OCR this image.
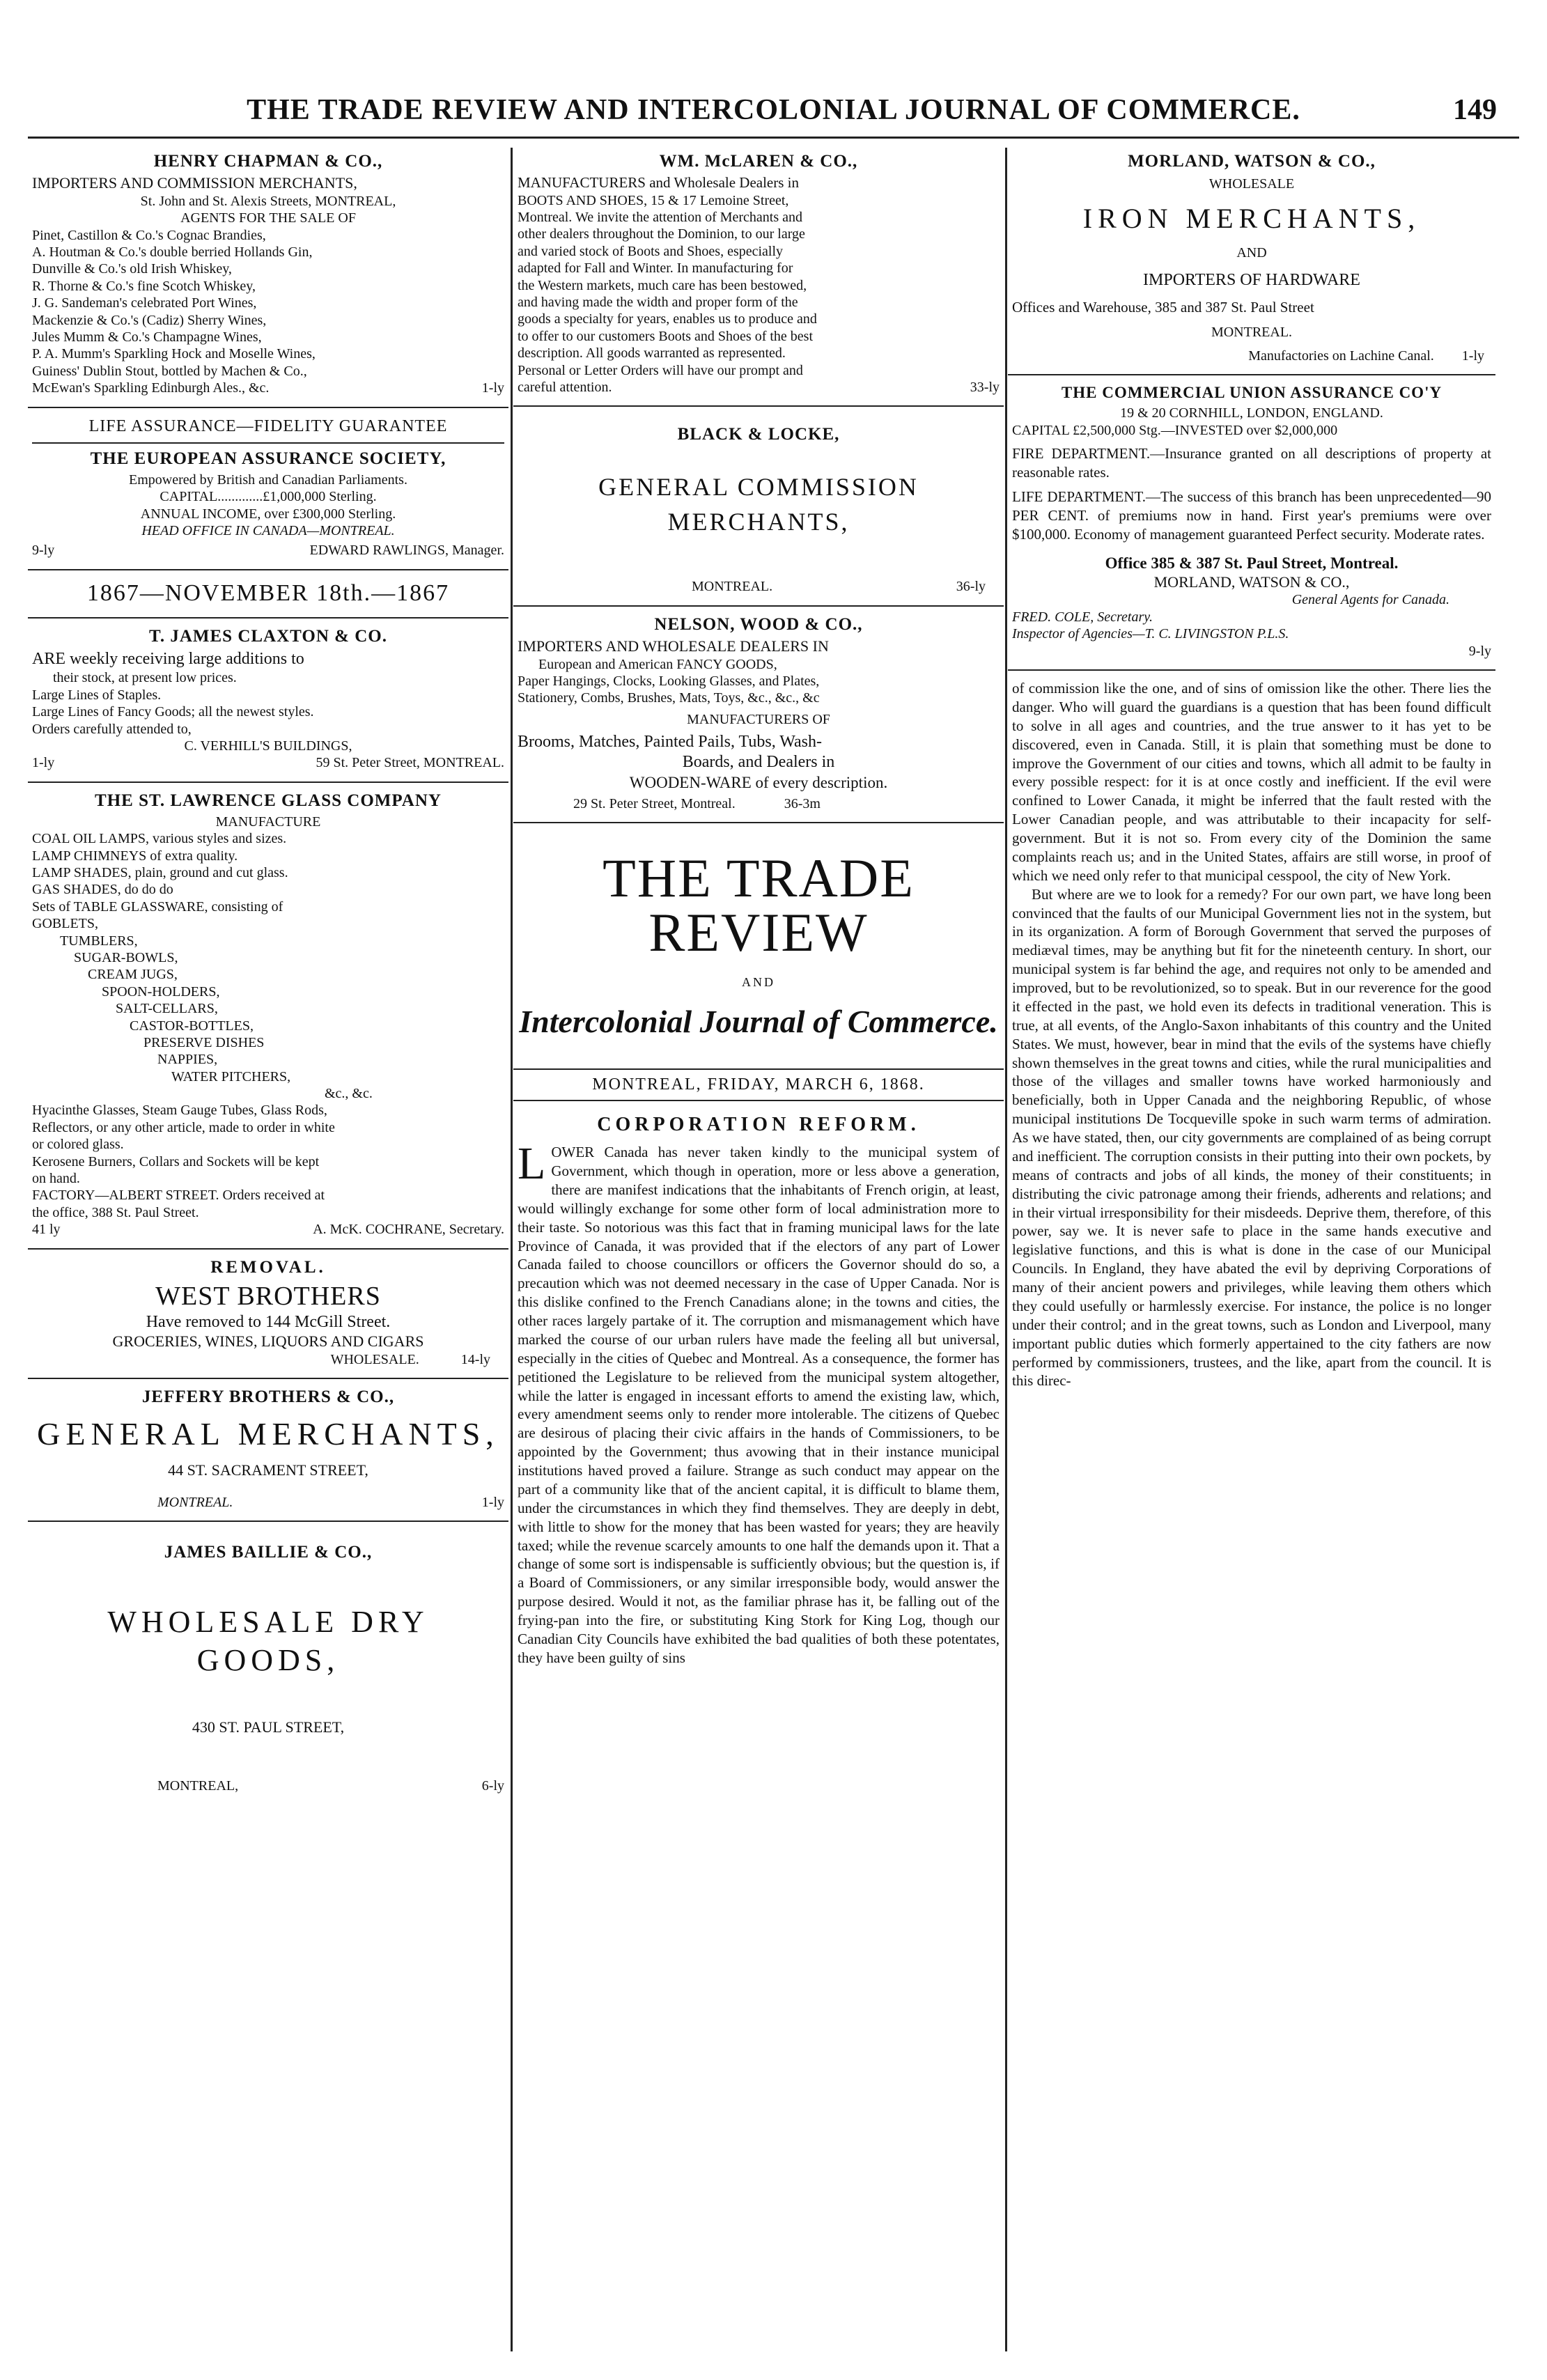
THE TRADE REVIEW AND INTERCOLONIAL JOURNAL OF COMMERCE.	149
HENRY CHAPMAN & CO.,
IMPORTERS AND COMMISSION MERCHANTS,
St. John and St. Alexis Streets, MONTREAL,
AGENTS FOR THE SALE OF
Pinet, Castillon & Co.'s Cognac Brandies,
A. Houtman & Co.'s double berried Hollands Gin,
Dunville & Co.'s old Irish Whiskey,
R. Thorne & Co.'s fine Scotch Whiskey,
J. G. Sandeman's celebrated Port Wines,
Mackenzie & Co.'s (Cadiz) Sherry Wines,
Jules Mumm & Co.'s Champagne Wines,
P. A. Mumm's Sparkling Hock and Moselle Wines,
Guiness' Dublin Stout, bottled by Machen & Co.,
McEwan's Sparkling Edinburgh Ales., &c.	1-ly
LIFE ASSURANCE—FIDELITY GUARANTEE
THE EUROPEAN ASSURANCE SOCIETY,
Empowered by British and Canadian Parliaments.
CAPITAL.............£1,000,000 Sterling.
ANNUAL INCOME, over £300,000 Sterling.
HEAD OFFICE IN CANADA—MONTREAL.
9-ly	EDWARD RAWLINGS, Manager.
1867—NOVEMBER 18th.—1867
T. JAMES CLAXTON & CO.
ARE weekly receiving large additions to
their stock, at present low prices.
Large Lines of Staples.
Large Lines of Fancy Goods; all the newest styles.
Orders carefully attended to,
C. VERHILL'S BUILDINGS,
1-ly	59 St. Peter Street, MONTREAL.
THE ST. LAWRENCE GLASS COMPANY
MANUFACTURE
COAL OIL LAMPS, various styles and sizes.
LAMP CHIMNEYS of extra quality.
LAMP SHADES, plain, ground and cut glass.
GAS SHADES, do do do
Sets of TABLE GLASSWARE, consisting of
GOBLETS,
TUMBLERS,
SUGAR-BOWLS,
CREAM JUGS,
SPOON-HOLDERS,
SALT-CELLARS,
CASTOR-BOTTLES,
PRESERVE DISHES
NAPPIES,
WATER PITCHERS,
&c., &c.
Hyacinthe Glasses, Steam Gauge Tubes, Glass Rods,
Reflectors, or any other article, made to order in white
or colored glass.
Kerosene Burners, Collars and Sockets will be kept
on hand.
FACTORY—ALBERT STREET. Orders received at
the office, 388 St. Paul Street.
41 ly	A. McK. COCHRANE, Secretary.
REMOVAL.
WEST BROTHERS
Have removed to 144 McGill Street.
GROCERIES, WINES, LIQUORS AND CIGARS
WHOLESALE.	14-ly
JEFFERY BROTHERS & CO.,
GENERAL MERCHANTS,
44 ST. SACRAMENT STREET,
MONTREAL.	1-ly
JAMES BAILLIE & CO.,
WHOLESALE DRY GOODS,
430 ST. PAUL STREET,
MONTREAL,	6-ly
WM. McLAREN & CO.,
MANUFACTURERS and Wholesale Dealers in
BOOTS AND SHOES, 15 & 17 Lemoine Street,
Montreal. We invite the attention of Merchants and
other dealers throughout the Dominion, to our large
and varied stock of Boots and Shoes, especially
adapted for Fall and Winter. In manufacturing for
the Western markets, much care has been bestowed,
and having made the width and proper form of the
goods a specialty for years, enables us to produce and
to offer to our customers Boots and Shoes of the best
description. All goods warranted as represented.
Personal or Letter Orders will have our prompt and
careful attention.	33-ly
BLACK & LOCKE,
GENERAL COMMISSION
MERCHANTS,
MONTREAL.	36-ly
NELSON, WOOD & CO.,
IMPORTERS AND WHOLESALE DEALERS IN
European and American FANCY GOODS,
Paper Hangings, Clocks, Looking Glasses, and Plates,
Stationery, Combs, Brushes, Mats, Toys, &c., &c., &c
MANUFACTURERS OF
Brooms, Matches, Painted Pails, Tubs, Wash-
Boards, and Dealers in
WOODEN-WARE of every description.
29 St. Peter Street, Montreal.	36-3m
THE TRADE REVIEW
AND
Intercolonial Journal of Commerce.
MONTREAL, FRIDAY, MARCH 6, 1868.
CORPORATION REFORM.

LOWER Canada has never taken kindly to the municipal system of Government, which though in operation, more or less above a generation, there are manifest indications that the inhabitants of French origin, at least, would willingly exchange for some other form of local administration more to their taste. So notorious was this fact that in framing municipal laws for the late Province of Canada, it was provided that if the electors of any part of Lower Canada failed to choose councillors or officers the Governor should do so, a precaution which was not deemed necessary in the case of Upper Canada. Nor is this dislike confined to the French Canadians alone; in the towns and cities, the other races largely partake of it. The corruption and mismanagement which have marked the course of our urban rulers have made the feeling all but universal, especially in the cities of Quebec and Montreal. As a consequence, the former has petitioned the Legislature to be relieved from the municipal system altogether, while the latter is engaged in incessant efforts to amend the existing law, which, every amendment seems only to render more intolerable. The citizens of Quebec are desirous of placing their civic affairs in the hands of Commissioners, to be appointed by the Government; thus avowing that in their instance municipal institutions haved proved a failure. Strange as such conduct may appear on the part of a community like that of the ancient capital, it is difficult to blame them, under the circumstances in which they find themselves. They are deeply in debt, with little to show for the money that has been wasted for years; they are heavily taxed; while the revenue scarcely amounts to one half the demands upon it. That a change of some sort is indispensable is sufficiently obvious; but the question is, if a Board of Commissioners, or any similar irresponsible body, would answer the purpose desired. Would it not, as the familiar phrase has it, be falling out of the frying-pan into the fire, or substituting King Stork for King Log, though our Canadian City Councils have exhibited the bad qualities of both these potentates, they have been guilty of sins

MORLAND, WATSON & CO.,
WHOLESALE
IRON MERCHANTS,
AND
IMPORTERS OF HARDWARE
Offices and Warehouse, 385 and 387 St. Paul Street
MONTREAL.
Manufactories on Lachine Canal. 1-ly
THE COMMERCIAL UNION ASSURANCE CO'Y
19 & 20 CORNHILL, LONDON, ENGLAND.
CAPITAL £2,500,000 Stg.—INVESTED over $2,000,000

FIRE DEPARTMENT.—Insurance granted on all descriptions of property at reasonable rates.

LIFE DEPARTMENT.—The success of this branch has been unprecedented—90 PER CENT. of premiums now in hand. First year's premiums were over $100,000. Economy of management guaranteed Perfect security. Moderate rates.

Office 385 & 387 St. Paul Street, Montreal.
MORLAND, WATSON & CO.,
General Agents for Canada.
FRED. COLE, Secretary.
Inspector of Agencies—T. C. LIVINGSTON P.L.S.
9-ly

of commission like the one, and of sins of omission like the other. There lies the danger. Who will guard the guardians is a question that has been found difficult to solve in all ages and countries, and the true answer to it has yet to be discovered, even in Canada. Still, it is plain that something must be done to improve the Government of our cities and towns, which all admit to be faulty in every possible respect: for it is at once costly and inefficient. If the evil were confined to Lower Canada, it might be inferred that the fault rested with the Lower Canadian people, and was attributable to their incapacity for self-government. But it is not so. From every city of the Dominion the same complaints reach us; and in the United States, affairs are still worse, in proof of which we need only refer to that municipal cesspool, the city of New York.

But where are we to look for a remedy? For our own part, we have long been convinced that the faults of our Municipal Government lies not in the system, but in its organization. A form of Borough Government that served the purposes of mediæval times, may be anything but fit for the nineteenth century. In short, our municipal system is far behind the age, and requires not only to be amended and improved, but to be revolutionized, so to speak. But in our reverence for the good it effected in the past, we hold even its defects in traditional veneration. This is true, at all events, of the Anglo-Saxon inhabitants of this country and the United States. We must, however, bear in mind that the evils of the systems have chiefly shown themselves in the great towns and cities, while the rural municipalities and those of the villages and smaller towns have worked harmoniously and beneficially, both in Upper Canada and the neighboring Republic, of whose municipal institutions De Tocqueville spoke in such warm terms of admiration. As we have stated, then, our city governments are complained of as being corrupt and inefficient. The corruption consists in their putting into their own pockets, by means of contracts and jobs of all kinds, the money of their constituents; in distributing the civic patronage among their friends, adherents and relations; and in their virtual irresponsibility for their misdeeds. Deprive them, therefore, of this power, say we. It is never safe to place in the same hands executive and legislative functions, and this is what is done in the case of our Municipal Councils. In England, they have abated the evil by depriving Corporations of many of their ancient powers and privileges, while leaving them others which they could usefully or harmlessly exercise. For instance, the police is no longer under their control; and in the great towns, such as London and Liverpool, many important public duties which formerly appertained to the city fathers are now performed by commissioners, trustees, and the like, apart from the council. It is this direc-
